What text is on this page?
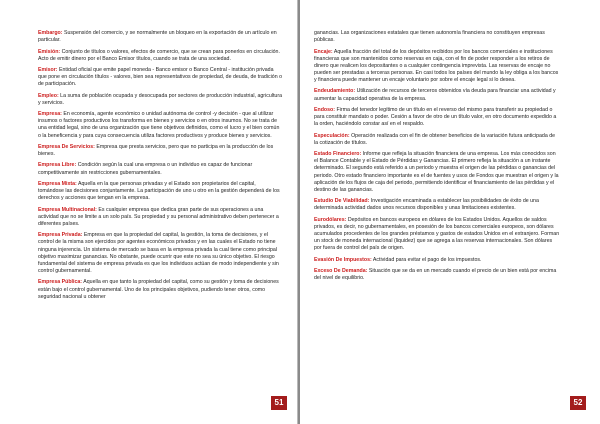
Embargo: Suspensión del comercio, y se normalmente un bloqueo en la exportación de un artículo en particular.

Emisión: Conjunto de títulos o valores, efectos de comercio, que se crean para ponerlos en circulación. Acto de emitir dinero por el Banco Emisor títulos, cuando se trata de una sociedad.

Emisor: Entidad oficial que emite papel moneda - Banco emisor o Banco Central - institución privada que pone en circulación títulos - valores, bien sea representativos de propiedad, de deuda, de tradición o de participación.

Empleo: La suma de población ocupada y desocupada por sectores de producción industrial, agricultura y servicios.

Empresa: En economía, agente económico o unidad autónoma de control -y decisión - que al utilizar insumos o factores productivos los transforma en bienes y servicios o en otros insumos. No se trata de una entidad legal, sino de una organización que tiene objetivos definidos, como el lucro y el bien común o la beneficencia y para cuya consecuencia utiliza factores productivos y produce bienes y servicios.

Empresa De Servicios: Empresa que presta servicios, pero que no participa en la producción de los bienes.

Empresa Libre: Condición según la cual una empresa o un individuo es capaz de funcionar competitivamente sin restricciones gubernamentales.

Empresa Mixta: Aquella en la que personas privadas y el Estado son propietarios del capital, tomándose las decisiones conjuntamente. La participación de uno u otro en la gestión dependerá de los derechos y acciones que tengan en la empresa.

Empresa Multinacional: Es cualquier empresa que dedica gran parte de sus operaciones a una actividad que no se limite a un solo país. Su propiedad y su personal administrativo deben pertenecer a diferentes países.

Empresa Privada: Empresa en que la propiedad del capital, la gestión, la toma de decisiones, y el control de la misma son ejercidos por agentes económicos privados y en las cuales el Estado no tiene ninguna injerencia. Un sistema de mercado se basa en la empresa privada la cual tiene como principal objetivo maximizar ganancias. No obstante, puede ocurrir que este no sea su único objetivo. El riesgo fundamental del sistema de empresa privada es que los individuos actúan de modo independiente y sin control gubernamental.

Empresa Pública: Aquella en que tanto la propiedad del capital, como su gestión y toma de decisiones están bajo el control gubernamental. Uno de los principales objetivos, pudiendo tener otros, como seguridad nacional u obtener

51

ganancias. Las organizaciones estatales que tienen autonomía financiera no constituyen empresas públicas.

Encaje: Aquella fracción del total de los depósitos recibidos por los bancos comerciales e instituciones financieras que son mantenidos como reservas en caja, con el fin de poder responder a los retiros de dinero que realicen los depositantes o a cualquier contingencia imprevista. Las reservas de encaje no pueden ser prestadas a terceras personas. En casi todos los países del mundo la ley obliga a los bancos y financiera puede mantener un encaje voluntario por sobre el encaje legal si lo desea.

Endeudamiento: Utilización de recursos de terceros obtenidos vía deuda para financiar una actividad y aumentar la capacidad operativa de la empresa.

Endoso: Firma del tenedor legítimo de un título en el reverso del mismo para transferir su propiedad o para constituir mandato o poder. Cesión a favor de otro de un título valor, en otro documento expedido a la orden, haciéndolo constar así en el respaldo.

Especulación: Operación realizada con el fin de obtener beneficios de la variación futura anticipada de la cotización de títulos.

Estado Financiero: Informe que refleja la situación financiera de una empresa. Los más conocidos son el Balance Contable y el Estado de Pérdidas y Ganancias. El primero refleja la situación a un instante determinado. El segundo está referido a un periodo y muestra el origen de las pérdidas o ganancias del periodo. Otro estado financiero importante es el de fuentes y usos de Fondos que muestran el origen y la aplicación de los flujos de caja del periodo, permitiendo identificar el financiamiento de las pérdidas y el destino de las ganancias.

Estudio De Viabilidad: Investigación encaminada a establecer las posibilidades de éxito de una determinada actividad dados unos recursos disponibles y unas limitaciones existentes.

Eurodólares: Depósitos en bancos europeos en dólares de los Estados Unidos. Aquellos de saldos privados, es decir, no gubernamentales, en posesión de los bancos comerciales europeos, son dólares acumulados procedentes de los grandes préstamos y gastos de estados Unidos en el extranjero. Forman un stock de moneda internacional (liquidez) que se agrega a las reservas internacionales. Son dólares por fuera de control del país de origen.

Evasión De Impuestos: Actividad para evitar el pago de los impuestos.

Exceso De Demanda: Situación que se da en un mercado cuando el precio de un bien está por encima del nivel de equilibrio.

52
